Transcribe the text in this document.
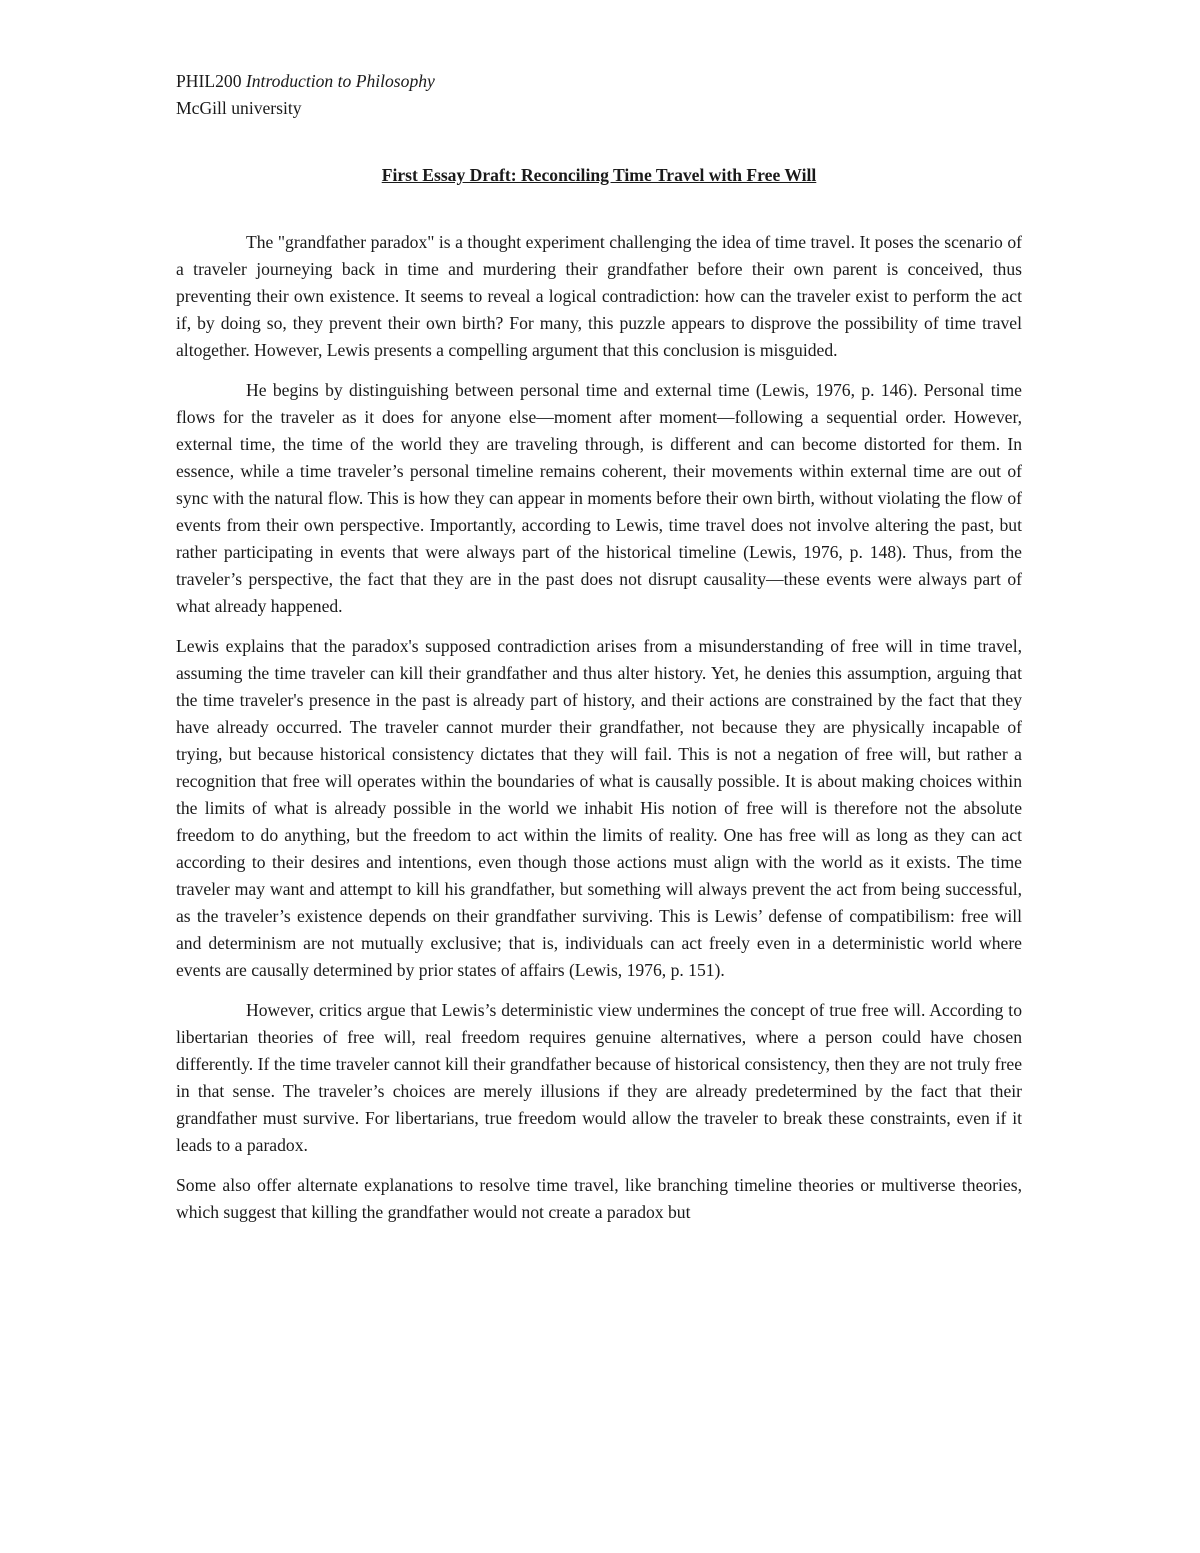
PHIL200 Introduction to Philosophy

McGill university

First Essay Draft: Reconciling Time Travel with Free Will

The "grandfather paradox" is a thought experiment challenging the idea of time travel. It poses the scenario of a traveler journeying back in time and murdering their grandfather before their own parent is conceived, thus preventing their own existence. It seems to reveal a logical contradiction: how can the traveler exist to perform the act if, by doing so, they prevent their own birth? For many, this puzzle appears to disprove the possibility of time travel altogether. However, Lewis presents a compelling argument that this conclusion is misguided.

He begins by distinguishing between personal time and external time (Lewis, 1976, p. 146). Personal time flows for the traveler as it does for anyone else—moment after moment—following a sequential order. However, external time, the time of the world they are traveling through, is different and can become distorted for them. In essence, while a time traveler’s personal timeline remains coherent, their movements within external time are out of sync with the natural flow. This is how they can appear in moments before their own birth, without violating the flow of events from their own perspective. Importantly, according to Lewis, time travel does not involve altering the past, but rather participating in events that were always part of the historical timeline (Lewis, 1976, p. 148). Thus, from the traveler’s perspective, the fact that they are in the past does not disrupt causality—these events were always part of what already happened.

Lewis explains that the paradox's supposed contradiction arises from a misunderstanding of free will in time travel, assuming the time traveler can kill their grandfather and thus alter history. Yet, he denies this assumption, arguing that the time traveler's presence in the past is already part of history, and their actions are constrained by the fact that they have already occurred. The traveler cannot murder their grandfather, not because they are physically incapable of trying, but because historical consistency dictates that they will fail. This is not a negation of free will, but rather a recognition that free will operates within the boundaries of what is causally possible. It is about making choices within the limits of what is already possible in the world we inhabit His notion of free will is therefore not the absolute freedom to do anything, but the freedom to act within the limits of reality. One has free will as long as they can act according to their desires and intentions, even though those actions must align with the world as it exists. The time traveler may want and attempt to kill his grandfather, but something will always prevent the act from being successful, as the traveler’s existence depends on their grandfather surviving. This is Lewis’ defense of compatibilism: free will and determinism are not mutually exclusive; that is, individuals can act freely even in a deterministic world where events are causally determined by prior states of affairs (Lewis, 1976, p. 151).

However, critics argue that Lewis’s deterministic view undermines the concept of true free will. According to libertarian theories of free will, real freedom requires genuine alternatives, where a person could have chosen differently. If the time traveler cannot kill their grandfather because of historical consistency, then they are not truly free in that sense. The traveler’s choices are merely illusions if they are already predetermined by the fact that their grandfather must survive. For libertarians, true freedom would allow the traveler to break these constraints, even if it leads to a paradox.

Some also offer alternate explanations to resolve time travel, like branching timeline theories or multiverse theories, which suggest that killing the grandfather would not create a paradox but
